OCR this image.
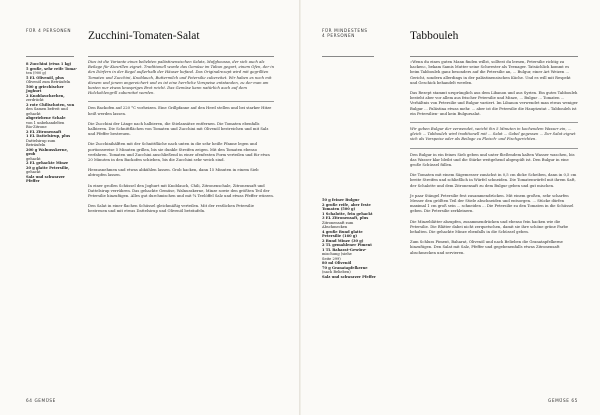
FÜR 4 PERSONEN Zucchini-Tomaten-Salat
8 Zucchini (etwa 1 kg)
5 große, sehr reife Toma-
ten (900 g)
5 EL Olivenöl, plus
Olivenöl zum Beträufeln
500 g griechischer Joghurt
2 Knoblauchzehen,
zerdrückt
2 rote Chilischoten, von
den Samen befreit und
gehackt
abgeriebene Schale
von 1 unbehandelten
Bio-Zitrone
2 EL Zitronensaft
1 EL Dattelsirup, plus
Dattelsirup zum
Beträufeln
200 g Walnusskerne, grob
gehackt
2 EL gehackte Minze
20 g glatte Petersilie,
gehackt
Salz und schwarzer Pfeffer

Dies ist die Variante eines beliebten palästinensischen Salats, Mafghoussa, der sich auch als Beilage für Kiesrillen eignet. Traditionell wurde das Gemüse im Tabun gegart, einem Ofen, der in den Dörfern in der Regel außerhalb der Häuser befand. Das Originalrezept wird mit gegrillten Tomaten und Zucchini, Knoblauch, Buttermilch und Petersilie zubereitet. Wir haben es noch mit diesem und jenem angereichert und es ist eine herrliche Vorspeise entstanden, zu der man am besten nur etwas knuspriges Brot reicht. Das Gemüse kann natürlich auch auf dem Holzkohlengrill zubereitet werden.

Den Backofen auf 220 °C vorheizen. Eine Grillpfanne auf den Herd stellen und bei starker Hitze heiß werden lassen.

Die Zucchini der Länge nach halbieren, die Stielansätze entfernen. Die Tomaten ebenfalls halbieren. Die Schnittflächen von Tomaten und Zucchini mit Olivenöl bestreichen und mit Salz und Pfeffer bestreuen.

Die Zucchinihälften mit der Schnittfläche nach unten in die sehr heiße Pfanne legen und portionsweise 5 Minuten grillen, bis sie dunkle Streifen zeigen. Mit den Tomaten ebenso verfahren. Tomaten und Zucchini anschließend in einer ofenfesten Form verteilen und für etwa 20 Minuten in den Backofen schieben, bis die Zucchini sehr weich sind.

Herausnehmen und etwas abkühlen lassen. Grob hacken, dann 15 Minuten in einem Sieb abtropfen lassen.

In einer großen Schüssel den Joghurt mit Knoblauch, Chili, Zitronenschale, Zitronensaft und Dattelsirup verrühren. Das gehackte Gemüse, Walnusskerne, Minze sowie den größten Teil der Petersilie hinzufügen. Alles gut durchmischen und mit ¾ Teelöffel Salz und etwas Pfeffer würzen.

Den Salat in einer flachen Schüssel gleichmäßig verteilen. Mit der restlichen Petersilie bestreuen und mit etwas Dattelsirup und Olivenöl beträufeln.

64 GEMÜSE
FÜR MINDESTENS
4 PERSONEN	Tabbouleh
50 g feiner Bulgur
2 große reife, aber feste
Tomaten (500 g)
1 Schalotte, fein gehackt
3 EL Zitronensaft, plus
Zitronensaft zum
Abschmecken
4 große Bund glatte
Petersilie (160 g)
2 Bund Minze (30 g)
2 TL gemahlener Piment
1 TL Baharat-Gewürz-
mischung (siehe
Seite 299)
80 ml Olivenöl
70 g Granatapfelkerne
(nach Belieben)
Salz und schwarzer Pfeffer

»Wenn du eines guten Mann finden willst, solltest du lernen, Petersilie richtig zu hacken«, bekam Samis Mutter seine Schwester als Teenager. Tatsächlich kommt es beim Tabbouleh ganz besonders auf die Petersilie an, ... Bulgur, einer Art Weizen ... Gericht, sondern allerdings in der palästinensischen Küche. Und es will mit Respekt und Geschick behandelt werden.

Das Rezept stammt ursprünglich aus dem Libanon und aus Syrien. Ein gutes Tabbouleh besteht aber vor allem aus frischer Petersilie und Minze, ... Bulgur ... Tomaten ... Verhältnis von Petersilie und Bulgur variiert. Im Libanon verwendet man etwas weniger Bulgur ... Palästina etwas mehr. ... aber ist die Petersilie die Hauptzutat – Tabbouleh ist ein Petersilien- und kein Bulgursalat.

Wir geben Bulgur der verwendet, weicht ihn 5 Minuten in kochendem Wasser ein, ... gleich ... Tabbouleh wird traditionell mit ... Salat ... Gabel gegessen ... Der Salat eignet sich als Vorspeise oder als Beilage zu Fleisch- und Fischgerichten.

Den Bulgur in ein feines Sieb geben und unter fließendem kalten Wasser waschen, bis das Wasser klar bleibt und die Stärke weitgehend abgespült ist. Den Bulgur in eine große Schüssel füllen.

Die Tomaten mit einem Sägemesser zunächst in 0,5 cm dicke Scheiben, dann in 0,5 cm breite Streifen und schließlich in Würfel schneiden. Die Tomatenwürfel mit ihrem Saft, der Schalotte und dem Zitronensaft zu dem Bulgur geben und gut mischen.

Je paar Stängel Petersilie fest zusammendrücken. Mit einem großen, sehr scharfen Messer den größten Teil der Stiele abschneiden und entsorgen. ... Stücke dürfen maximal 1 cm groß sein ... schneiden ... Die Petersilie zu den Tomaten in die Schüssel geben. Die Petersilie zerkleinern.

Die Minzeblätter abzupfen, zusammendrücken und ebenso fein hacken wie die Petersilie. Die Blätter dabei nicht zerquetschen, damit sie ihre schöne grüne Farbe behalten. Die gehackte Minze ebenfalls in die Schüssel geben.

Zum Schluss Piment, Baharat, Olivenöl und nach Belieben die Granatapfelkerne hinzufügen. Den Salat mit Salz, Pfeffer und gegebenenfalls etwas Zitronensaft abschmecken und servieren.

GEMÜSE 65
